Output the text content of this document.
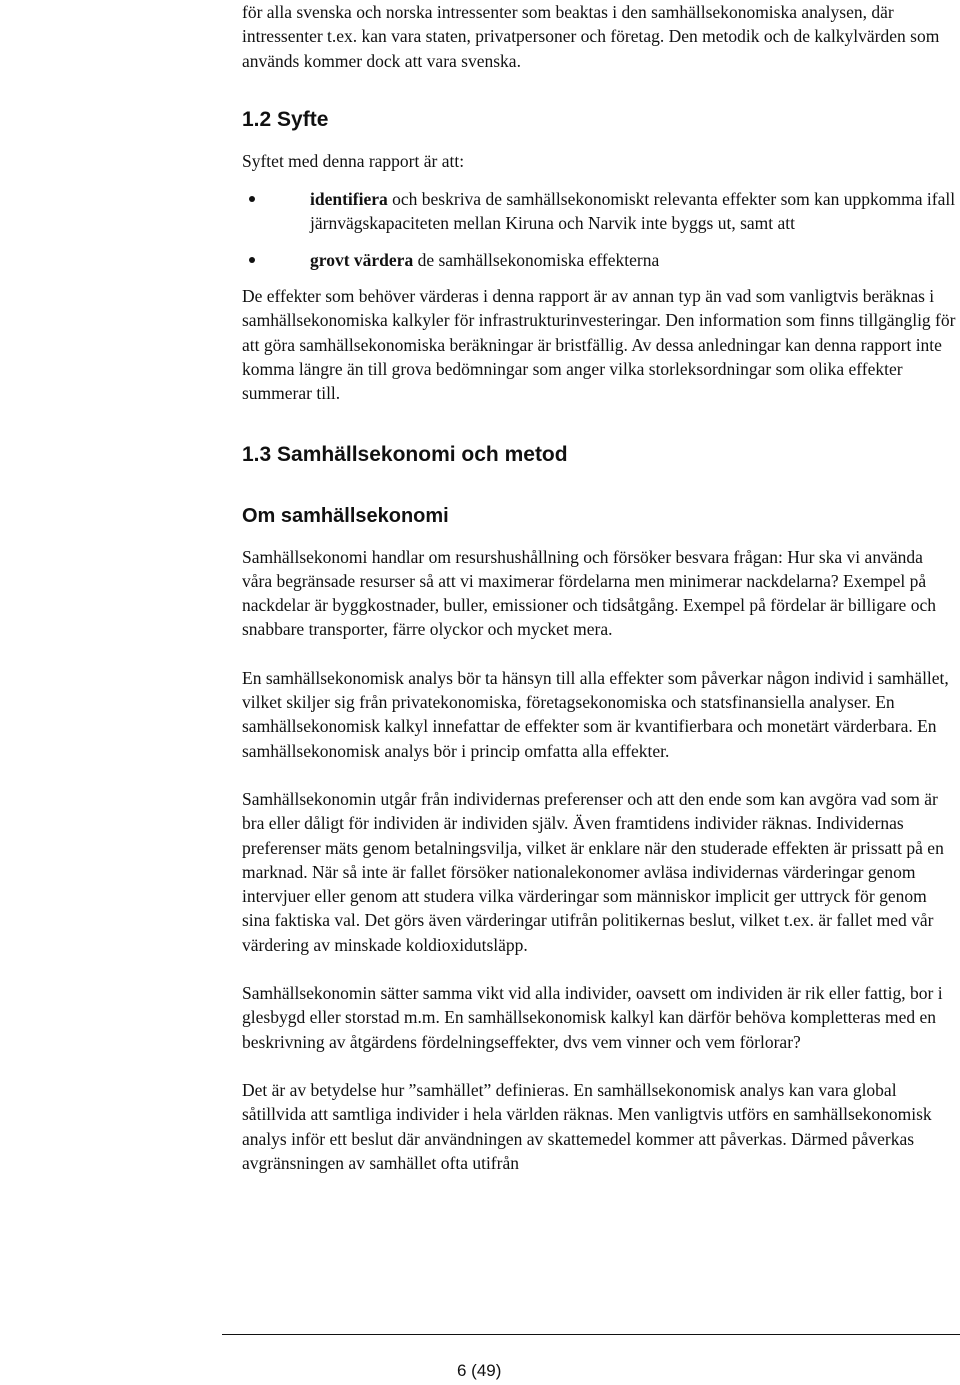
för alla svenska och norska intressenter som beaktas i den samhällsekonomiska analysen, där intressenter t.ex. kan vara staten, privatpersoner och företag. Den metodik och de kalkylvärden som används kommer dock att vara svenska.

1.2 Syfte

Syftet med denna rapport är att:

identifiera och beskriva de samhällsekonomiskt relevanta effekter som kan uppkomma ifall järnvägskapaciteten mellan Kiruna och Narvik inte byggs ut, samt att
grovt värdera de samhällsekonomiska effekterna

De effekter som behöver värderas i denna rapport är av annan typ än vad som vanligtvis beräknas i samhällsekonomiska kalkyler för infrastrukturinvesteringar. Den information som finns tillgänglig för att göra samhällsekonomiska beräkningar är bristfällig. Av dessa anledningar kan denna rapport inte komma längre än till grova bedömningar som anger vilka storleksordningar som olika effekter summerar till.

1.3 Samhällsekonomi och metod
Om samhällsekonomi

Samhällsekonomi handlar om resurshushållning och försöker besvara frågan: Hur ska vi använda våra begränsade resurser så att vi maximerar fördelarna men minimerar nackdelarna? Exempel på nackdelar är byggkostnader, buller, emissioner och tidsåtgång. Exempel på fördelar är billigare och snabbare transporter, färre olyckor och mycket mera.

En samhällsekonomisk analys bör ta hänsyn till alla effekter som påverkar någon individ i samhället, vilket skiljer sig från privatekonomiska, företagsekonomiska och statsfinansiella analyser. En samhällsekonomisk kalkyl innefattar de effekter som är kvantifierbara och monetärt värderbara. En samhällsekonomisk analys bör i princip omfatta alla effekter.

Samhällsekonomin utgår från individernas preferenser och att den ende som kan avgöra vad som är bra eller dåligt för individen är individen själv. Även framtidens individer räknas. Individernas preferenser mäts genom betalningsvilja, vilket är enklare när den studerade effekten är prissatt på en marknad. När så inte är fallet försöker nationalekonomer avläsa individernas värderingar genom intervjuer eller genom att studera vilka värderingar som människor implicit ger uttryck för genom sina faktiska val. Det görs även värderingar utifrån politikernas beslut, vilket t.ex. är fallet med vår värdering av minskade koldioxidutsläpp.

Samhällsekonomin sätter samma vikt vid alla individer, oavsett om individen är rik eller fattig, bor i glesbygd eller storstad m.m. En samhällsekonomisk kalkyl kan därför behöva kompletteras med en beskrivning av åtgärdens fördelningseffekter, dvs vem vinner och vem förlorar?

Det är av betydelse hur ”samhället” definieras. En samhällsekonomisk analys kan vara global såtillvida att samtliga individer i hela världen räknas. Men vanligtvis utförs en samhällsekonomisk analys inför ett beslut där användningen av skattemedel kommer att påverkas. Därmed påverkas avgränsningen av samhället ofta utifrån

6 (49)
